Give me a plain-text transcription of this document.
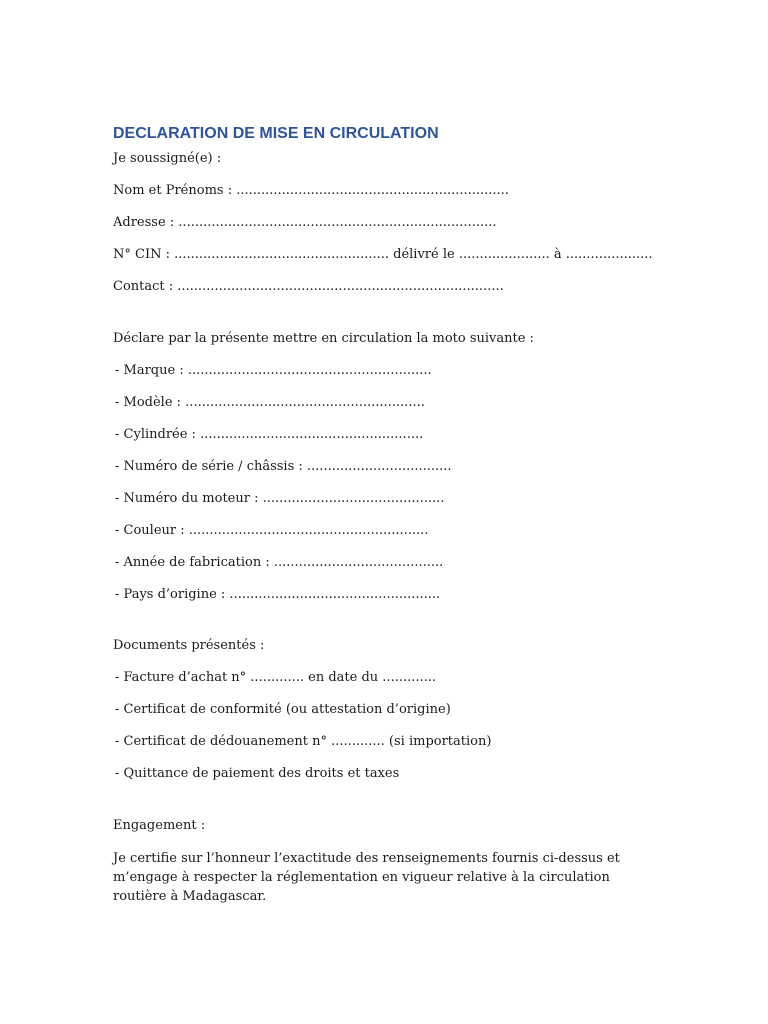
DECLARATION DE MISE EN CIRCULATION
Je soussigné(e) :
Nom et Prénoms : ..................................................................
Adresse : .............................................................................
N° CIN : .................................................... délivré le ...................... à .....................
Contact : ...............................................................................
Déclare par la présente mettre en circulation la moto suivante :
- Marque : ...........................................................
- Modèle : ..........................................................
- Cylindrée : ......................................................
- Numéro de série / châssis : ...................................
- Numéro du moteur : ............................................
- Couleur : ..........................................................
- Année de fabrication : .........................................
- Pays d’origine : ...................................................
Documents présentés :
- Facture d’achat n° ............. en date du .............
- Certificat de conformité (ou attestation d’origine)
- Certificat de dédouanement n° ............. (si importation)
- Quittance de paiement des droits et taxes
Engagement :
Je certifie sur l’honneur l’exactitude des renseignements fournis ci-dessus et m’engage à respecter la réglementation en vigueur relative à la circulation routière à Madagascar.
